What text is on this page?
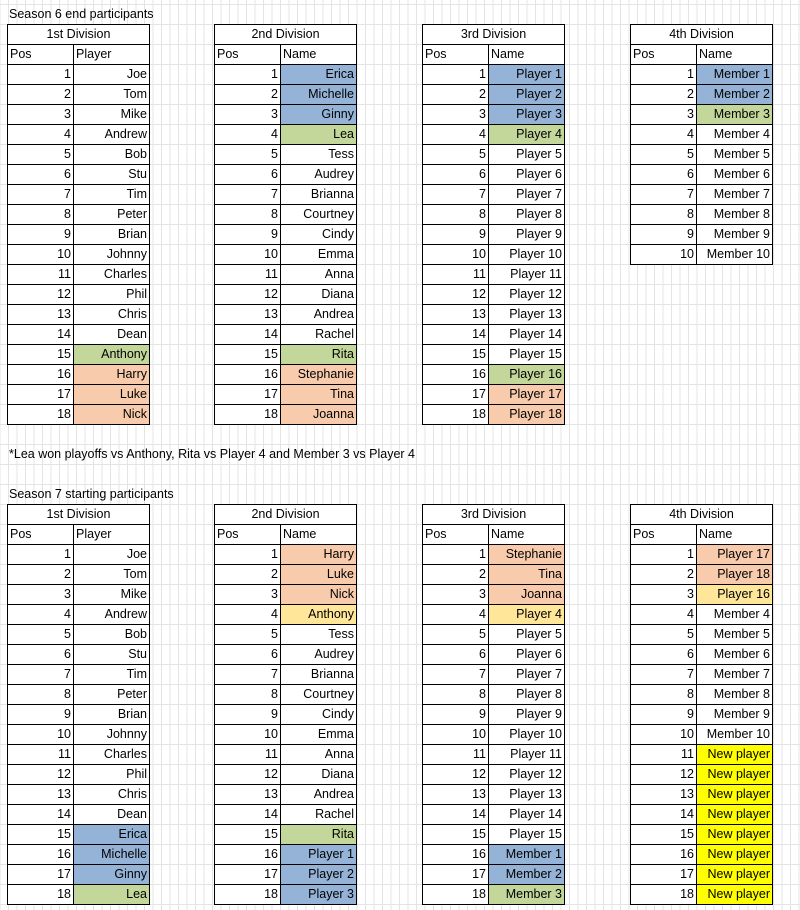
Season 6 end participants
*Lea won playoffs vs Anthony, Rita vs Player 4 and Member 3 vs Player 4
Season 7 starting participants
1st Division	
Pos	Player
1	Joe
2	Tom
3	Mike
4	Andrew
5	Bob
6	Stu
7	Tim
8	Peter
9	Brian
10	Johnny
11	Charles
12	Phil
13	Chris
14	Dean
15	Anthony
16	Harry
17	Luke
18	Nick
2nd Division	
Pos	Name
1	Erica
2	Michelle
3	Ginny
4	Lea
5	Tess
6	Audrey
7	Brianna
8	Courtney
9	Cindy
10	Emma
11	Anna
12	Diana
13	Andrea
14	Rachel
15	Rita
16	Stephanie
17	Tina
18	Joanna
3rd Division	
Pos	Name
1	Player 1
2	Player 2
3	Player 3
4	Player 4
5	Player 5
6	Player 6
7	Player 7
8	Player 8
9	Player 9
10	Player 10
11	Player 11
12	Player 12
13	Player 13
14	Player 14
15	Player 15
16	Player 16
17	Player 17
18	Player 18
4th Division	
Pos	Name
1	Member 1
2	Member 2
3	Member 3
4	Member 4
5	Member 5
6	Member 6
7	Member 7
8	Member 8
9	Member 9
10	Member 10
1st Division	
Pos	Player
1	Joe
2	Tom
3	Mike
4	Andrew
5	Bob
6	Stu
7	Tim
8	Peter
9	Brian
10	Johnny
11	Charles
12	Phil
13	Chris
14	Dean
15	Erica
16	Michelle
17	Ginny
18	Lea
2nd Division	
Pos	Name
1	Harry
2	Luke
3	Nick
4	Anthony
5	Tess
6	Audrey
7	Brianna
8	Courtney
9	Cindy
10	Emma
11	Anna
12	Diana
13	Andrea
14	Rachel
15	Rita
16	Player 1
17	Player 2
18	Player 3
3rd Division	
Pos	Name
1	Stephanie
2	Tina
3	Joanna
4	Player 4
5	Player 5
6	Player 6
7	Player 7
8	Player 8
9	Player 9
10	Player 10
11	Player 11
12	Player 12
13	Player 13
14	Player 14
15	Player 15
16	Member 1
17	Member 2
18	Member 3
4th Division	
Pos	Name
1	Player 17
2	Player 18
3	Player 16
4	Member 4
5	Member 5
6	Member 6
7	Member 7
8	Member 8
9	Member 9
10	Member 10
11	New player
12	New player
13	New player
14	New player
15	New player
16	New player
17	New player
18	New player
